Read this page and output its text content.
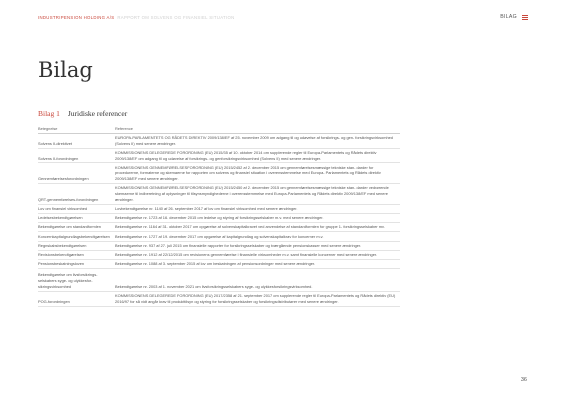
INDUSTRIPENSION HOLDING A/S RAPPORT OM SOLVENS OG FINANSIEL SITUATION	BILAG
Bilag
Bilag 1 Juridiske referencer
Betegnelse	Reference
Solvens II-direktivet	EUROPA-PARLAMENTETS OG RÅDETS DIREKTIV 2009/138/EF af 25. november 2009 om adgang til og udøvelse af forsikrings- og gen- forsikringsvirksomhed (Solvens II) med senere ændringer.
Solvens II-forordningen	KOMMISSIONENS DELEGEREDE FORORDNING (EU) 2015/35 af 10. oktober 2014 om supplerende regler til Europa-Parlamentets og Rådets direktiv 2009/138/EF om adgang til og udøvelse af forsikrings- og genforsikringsvirksomhed (Solvens II) med senere ændringer.
Gennemførelsesforordningen	KOMMISSIONENS GENNEMFØRELSESFORORDNING (EU) 2015/2452 af 2. december 2015 om gennemførelsesmæssige tekniske stan- darder for procedurerne, formaterne og skemaerne for rapporten om solvens og finansiel situation i overensstemmelse med Europa- Parlamentets og Rådets direktiv 2009/138/EF med senere ændringer.
QRT-gennemførelses-forordningen	KOMMISSIONENS GENNEMFØRELSESFORORDNING (EU) 2015/2450 af 2. december 2015 om gennemførelsesmæssige tekniske stan- darder vedrørende skemaerne til indberetning af oplysninger til tilsynsmyndighederne i overensstemmelse med Europa-Parlamentets og Rådets direktiv 2009/138/EF med senere ændringer.
Lov om finansiel virksomhed	Lovbekendtgørelse nr. 1140 af 26. september 2017 af lov om finansiel virksomhed med senere ændringer.
Ledelsesbekendtgørelsen	Bekendtgørelse nr. 1723 af 16. december 2015 om ledelse og styring af forsikringsselskaber m.v. med senere ændringer.
Bekendtgørelse om standardformlen	Bekendtgørelse nr. 1164 af 31. oktober 2017 om opgørelse af solvenskapitalkravet ved anvendelse af standardformlen for gruppe 1- forsikringsselskaber mv.
Koncernkapitalgrundlagsbekendtgørelsen	Bekendtgørelse nr. 1727 af 19. december 2017 om opgørelse af kapitalgrundlag og solvenskapitalkrav for koncerner m.v.
Regnskabsbekendtgørelsen	Bekendtgørelse nr. 937 af 27. juli 2015 om finansielle rapporter for forsikringsselskaber og tværgående pensionskasser med senere ændringer.
Revisionsbekendtgørelsen	Bekendtgørelse nr. 1912 af 22/12/2015 om revisionens gennemførelse i finansielle virksomheder m.v. samt finansielle koncerner med senere ændringer.
Pensionsbeskatningsloven	Bekendtgørelse nr. 1088 af 3. september 2015 af lov om beskatningen af pensionsordninger med senere ændringer.
Bekendtgørelse om livsforsikrings-selskabers syge- og ulykkesfor-sikringsvirksomhed	Bekendtgørelse nr. 2003 af 1. november 2021 om livsforsikringsselskabers syge- og ulykkesforsikringsvirksomhed.
POG-forordningen	KOMMISSIONENS DELEGEREDE FORORDNING (EU) 2017/2358 af 21. september 2017 om supplerende regler til Europa-Parlamentets og Rådets direktiv (EU) 2016/97 for så vidt angår krav til produkttilsyn og styring for forsikringsselskaber og forsikringsdistributører med senere ændringer.
36
